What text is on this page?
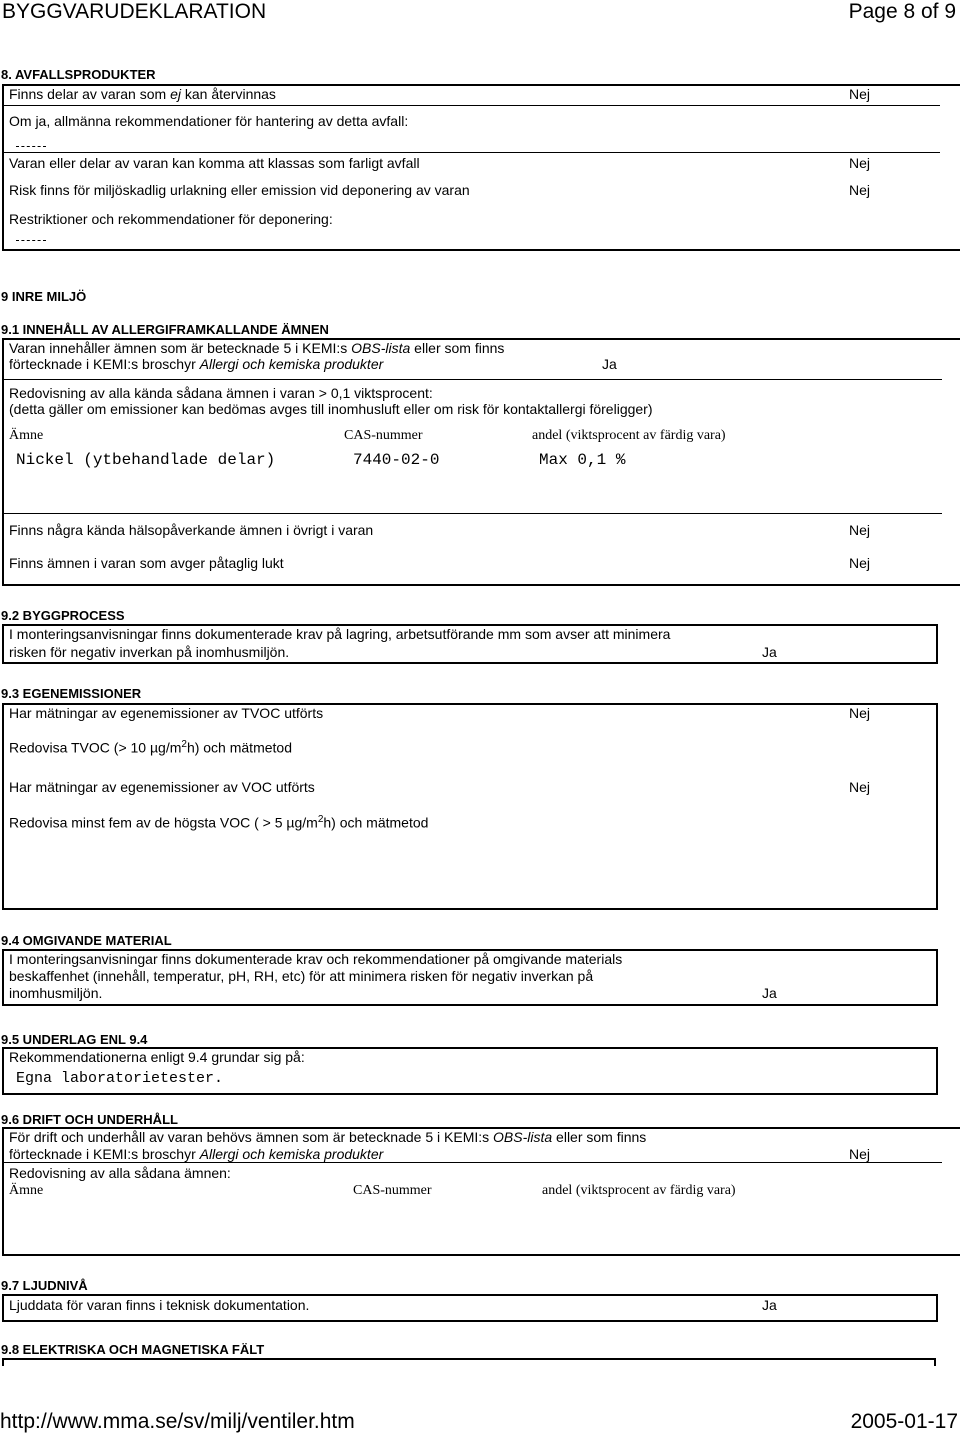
BYGGVARUDEKLARATION	Page 8 of 9
8. AVFALLSPRODUKTER
Finns delar av varan som ej kan återvinnas	Nej
Om ja, allmänna rekommendationer för hantering av detta avfall:
Varan eller delar av varan kan komma att klassas som farligt avfall	Nej
Risk finns för miljöskadlig urlakning eller emission vid deponering av varan	Nej
Restriktioner och rekommendationer för deponering:
9 INRE MILJÖ
9.1 INNEHÅLL AV ALLERGIFRAMKALLANDE ÄMNEN
Varan innehåller ämnen som är betecknade 5 i KEMI:s OBS-lista eller som finns
förtecknade i KEMI:s broschyr Allergi och kemiska produkter	Ja
Redovisning av alla kända sådana ämnen i varan > 0,1 viktsprocent:
(detta gäller om emissioner kan bedömas avges till inomhusluft eller om risk för kontaktallergi föreligger)
Ämne	CAS-nummer	andel (viktsprocent av färdig vara)
Nickel (ytbehandlade delar)	7440-02-0	Max 0,1 %
Finns några kända hälsopåverkande ämnen i övrigt i varan	Nej
Finns ämnen i varan som avger påtaglig lukt	Nej
9.2 BYGGPROCESS
I monteringsanvisningar finns dokumenterade krav på lagring, arbetsutförande mm som avser att minimera
risken för negativ inverkan på inomhusmiljön.	Ja
9.3 EGENEMISSIONER
Har mätningar av egenemissioner av TVOC utförts	Nej
Redovisa TVOC (> 10 $\mu g/m^2h$) och mätmetod
Har mätningar av egenemissioner av VOC utförts	Nej
Redovisa minst fem av de högsta VOC ( > 5 $\mu g/m^2h$) och mätmetod
9.4 OMGIVANDE MATERIAL
I monteringsanvisningar finns dokumenterade krav och rekommendationer på omgivande materials
beskaffenhet (innehåll, temperatur, pH, RH, etc) för att minimera risken för negativ inverkan på
inomhusmiljön.	Ja
9.5 UNDERLAG ENL 9.4
Rekommendationerna enligt 9.4 grundar sig på:
Egna laboratorietester.
9.6 DRIFT OCH UNDERHÅLL
För drift och underhåll av varan behövs ämnen som är betecknade 5 i KEMI:s OBS-lista eller som finns
förtecknade i KEMI:s broschyr Allergi och kemiska produkter	Nej
Redovisning av alla sådana ämnen:
Ämne	CAS-nummer	andel (viktsprocent av färdig vara)
9.7 LJUDNIVÅ
Ljuddata för varan finns i teknisk dokumentation.	Ja
9.8 ELEKTRISKA OCH MAGNETISKA FÄLT
http://www.mma.se/sv/milj/ventiler.htm	2005-01-17
